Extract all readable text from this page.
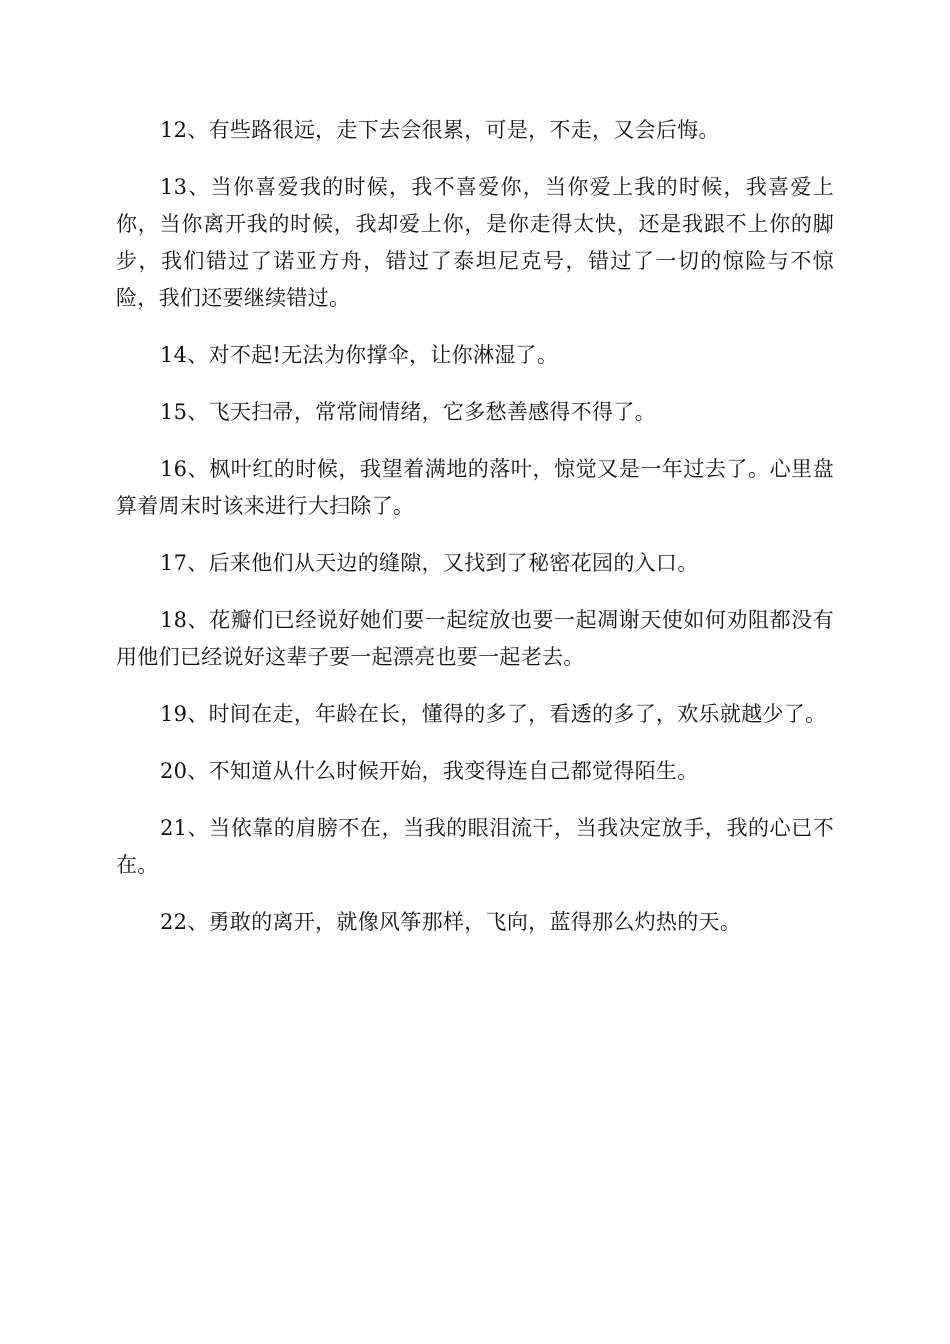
12、有些路很远，走下去会很累，可是，不走，又会后悔。

13、当你喜爱我的时候，我不喜爱你，当你爱上我的时候，我喜爱上你，当你离开我的时候，我却爱上你，是你走得太快，还是我跟不上你的脚步，我们错过了诺亚方舟，错过了泰坦尼克号，错过了一切的惊险与不惊险，我们还要继续错过。

14、对不起!无法为你撑伞，让你淋湿了。

15、飞天扫帚，常常闹情绪，它多愁善感得不得了。

16、枫叶红的时候，我望着满地的落叶，惊觉又是一年过去了。心里盘算着周末时该来进行大扫除了。

17、后来他们从天边的缝隙，又找到了秘密花园的入口。

18、花瓣们已经说好她们要一起绽放也要一起凋谢天使如何劝阻都没有用他们已经说好这辈子要一起漂亮也要一起老去。

19、时间在走，年龄在长，懂得的多了，看透的多了，欢乐就越少了。

20、不知道从什么时候开始，我变得连自己都觉得陌生。

21、当依靠的肩膀不在，当我的眼泪流干，当我决定放手，我的心已不在。

22、勇敢的离开，就像风筝那样，飞向，蓝得那么灼热的天。
